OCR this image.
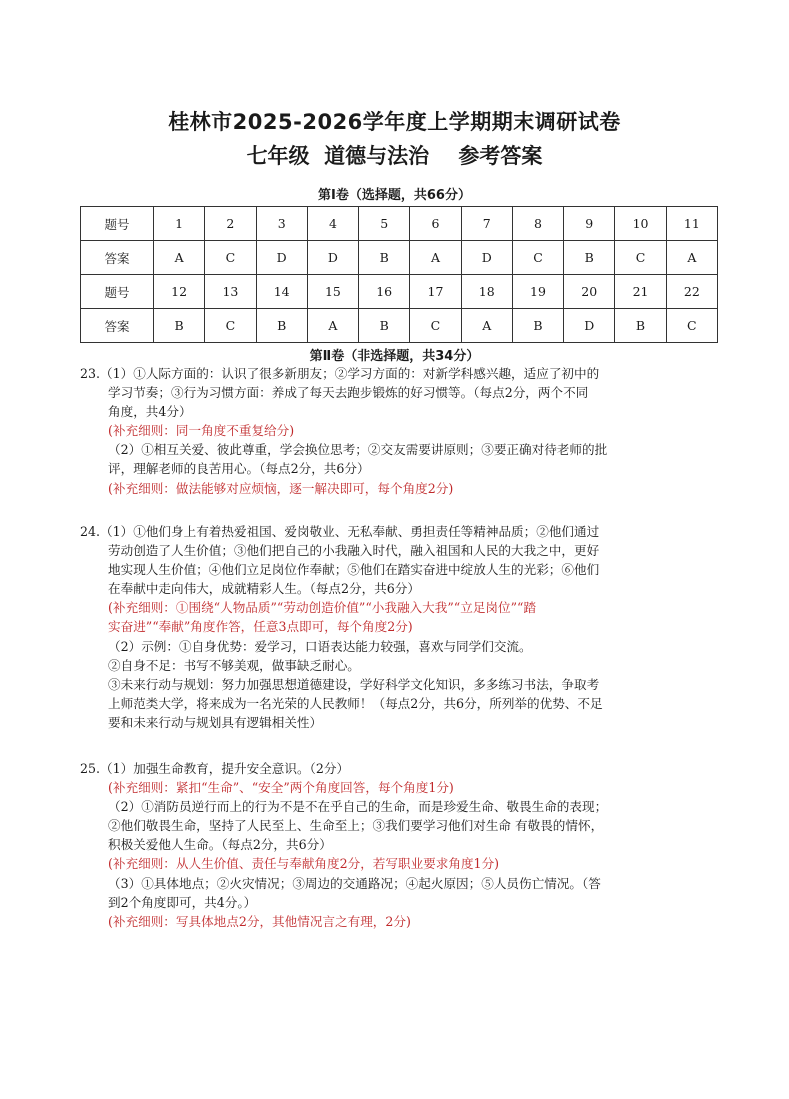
桂林市2025-2026学年度上学期期末调研试卷
七年级  道德与法治    参考答案
第Ⅰ卷（选择题，共66分）
题号	1	2	3	4	5	6	7	8	9	10	11
答案	A	C	D	D	B	A	D	C	B	C	A
题号	12	13	14	15	16	17	18	19	20	21	22
答案	B	C	B	A	B	C	A	B	D	B	C
第Ⅱ卷（非选择题，共34分）
23.（1）①人际方面的：认识了很多新朋友；②学习方面的：对新学科感兴趣，适应了初中的
学习节奏；③行为习惯方面：养成了每天去跑步锻炼的好习惯等。（每点2分，两个不同
角度，共4分）
(补充细则：同一角度不重复给分)
（2）①相互关爱、彼此尊重，学会换位思考；②交友需要讲原则；③要正确对待老师的批
评，理解老师的良苦用心。（每点2分，共6分）
(补充细则：做法能够对应烦恼，逐一解决即可，每个角度2分)
24.（1）①他们身上有着热爱祖国、爱岗敬业、无私奉献、勇担责任等精神品质；②他们通过
劳动创造了人生价值；③他们把自己的小我融入时代，融入祖国和人民的大我之中，更好
地实现人生价值；④他们立足岗位作奉献；⑤他们在踏实奋进中绽放人生的光彩；⑥他们
在奉献中走向伟大，成就精彩人生。（每点2分，共6分）
(补充细则：①围绕“人物品质”“劳动创造价值”“小我融入大我”“立足岗位”“踏
实奋进”“奉献”角度作答，任意3点即可，每个角度2分)
（2）示例：①自身优势：爱学习，口语表达能力较强，喜欢与同学们交流。
②自身不足：书写不够美观，做事缺乏耐心。
③未来行动与规划：努力加强思想道德建设，学好科学文化知识，多多练习书法，争取考
上师范类大学，将来成为一名光荣的人民教师！（每点2分，共6分，所列举的优势、不足
要和未来行动与规划具有逻辑相关性）
25.（1）加强生命教育，提升安全意识。（2分）
(补充细则：紧扣“生命”、“安全”两个角度回答，每个角度1分)
（2）①消防员逆行而上的行为不是不在乎自己的生命，而是珍爱生命、敬畏生命的表现；
②他们敬畏生命，坚持了人民至上、生命至上；③我们要学习他们对生命 有敬畏的情怀，
积极关爱他人生命。（每点2分，共6分）
(补充细则：从人生价值、责任与奉献角度2分，若写职业要求角度1分)
（3）①具体地点；②火灾情况；③周边的交通路况；④起火原因；⑤人员伤亡情况。（答
到2个角度即可，共4分。）
(补充细则：写具体地点2分，其他情况言之有理，2分)
